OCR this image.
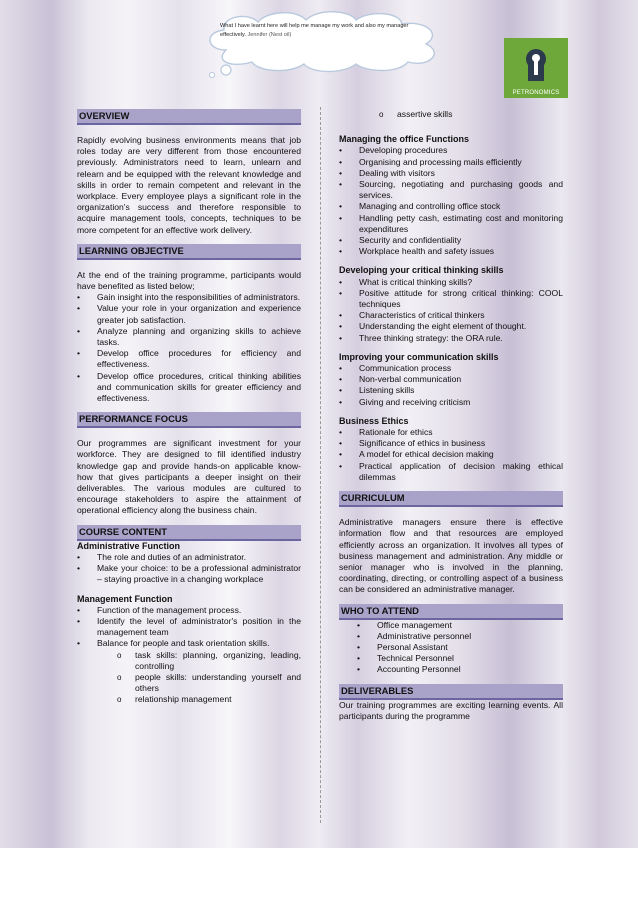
What I have learnt here will help me manage my work and also my manager effectively. Jennifer (Nest oil)
PETRONOMICS
OVERVIEW

Rapidly evolving business environments means that job roles today are very different from those encountered previously. Administrators need to learn, unlearn and relearn and be equipped with the relevant knowledge and skills in order to remain competent and relevant in the workplace. Every employee plays a significant role in the organization's success and therefore responsible to acquire management tools, concepts, techniques to be more competent for an effective work delivery.

LEARNING OBJECTIVE

At the end of the training programme, participants would have benefited as listed below;

• Gain insight into the responsibilities of administrators.
• Value your role in your organization and experience greater job satisfaction.
• Analyze planning and organizing skills to achieve tasks.
• Develop office procedures for efficiency and effectiveness.
• Develop office procedures, critical thinking abilities and communication skills for greater efficiency and effectiveness.
PERFORMANCE FOCUS

Our programmes are significant investment for your workforce. They are designed to fill identified industry knowledge gap and provide hands-on applicable know-how that gives participants a deeper insight on their deliverables. The various modules are cultured to encourage stakeholders to aspire the attainment of operational efficiency along the business chain.

COURSE CONTENT

Administrative Function

• The role and duties of an administrator.
• Make your choice: to be a professional administrator – staying proactive in a changing workplace

Management Function

• Function of the management process.
• Identify the level of administrator's position in the management team
• Balance for people and task orientation skills.
o task skills: planning, organizing, leading, controlling
o people skills: understanding yourself and others
o relationship management
o assertive skills

Managing the office Functions

• Developing procedures
• Organising and processing mails efficiently
• Dealing with visitors
• Sourcing, negotiating and purchasing goods and services.
• Managing and controlling office stock
• Handling petty cash, estimating cost and monitoring expenditures
• Security and confidentiality
• Workplace health and safety issues

Developing your critical thinking skills

• What is critical thinking skills?
• Positive attitude for strong critical thinking: COOL techniques
• Characteristics of critical thinkers
• Understanding the eight element of thought.
• Three thinking strategy: the ORA rule.

Improving your communication skills

• Communication process
• Non-verbal communication
• Listening skills
• Giving and receiving criticism

Business Ethics

• Rationale for ethics
• Significance of ethics in business
• A model for ethical decision making
• Practical application of decision making ethical dilemmas
CURRICULUM

Administrative managers ensure there is effective information flow and that resources are employed efficiently across an organization. It involves all types of business management and administration. Any middle or senior manager who is involved in the planning, coordinating, directing, or controlling aspect of a business can be considered an administrative manager.

WHO TO ATTEND
• Office management
• Administrative personnel
• Personal Assistant
• Technical Personnel
• Accounting Personnel
DELIVERABLES

Our training programmes are exciting learning events. All participants during the programme
